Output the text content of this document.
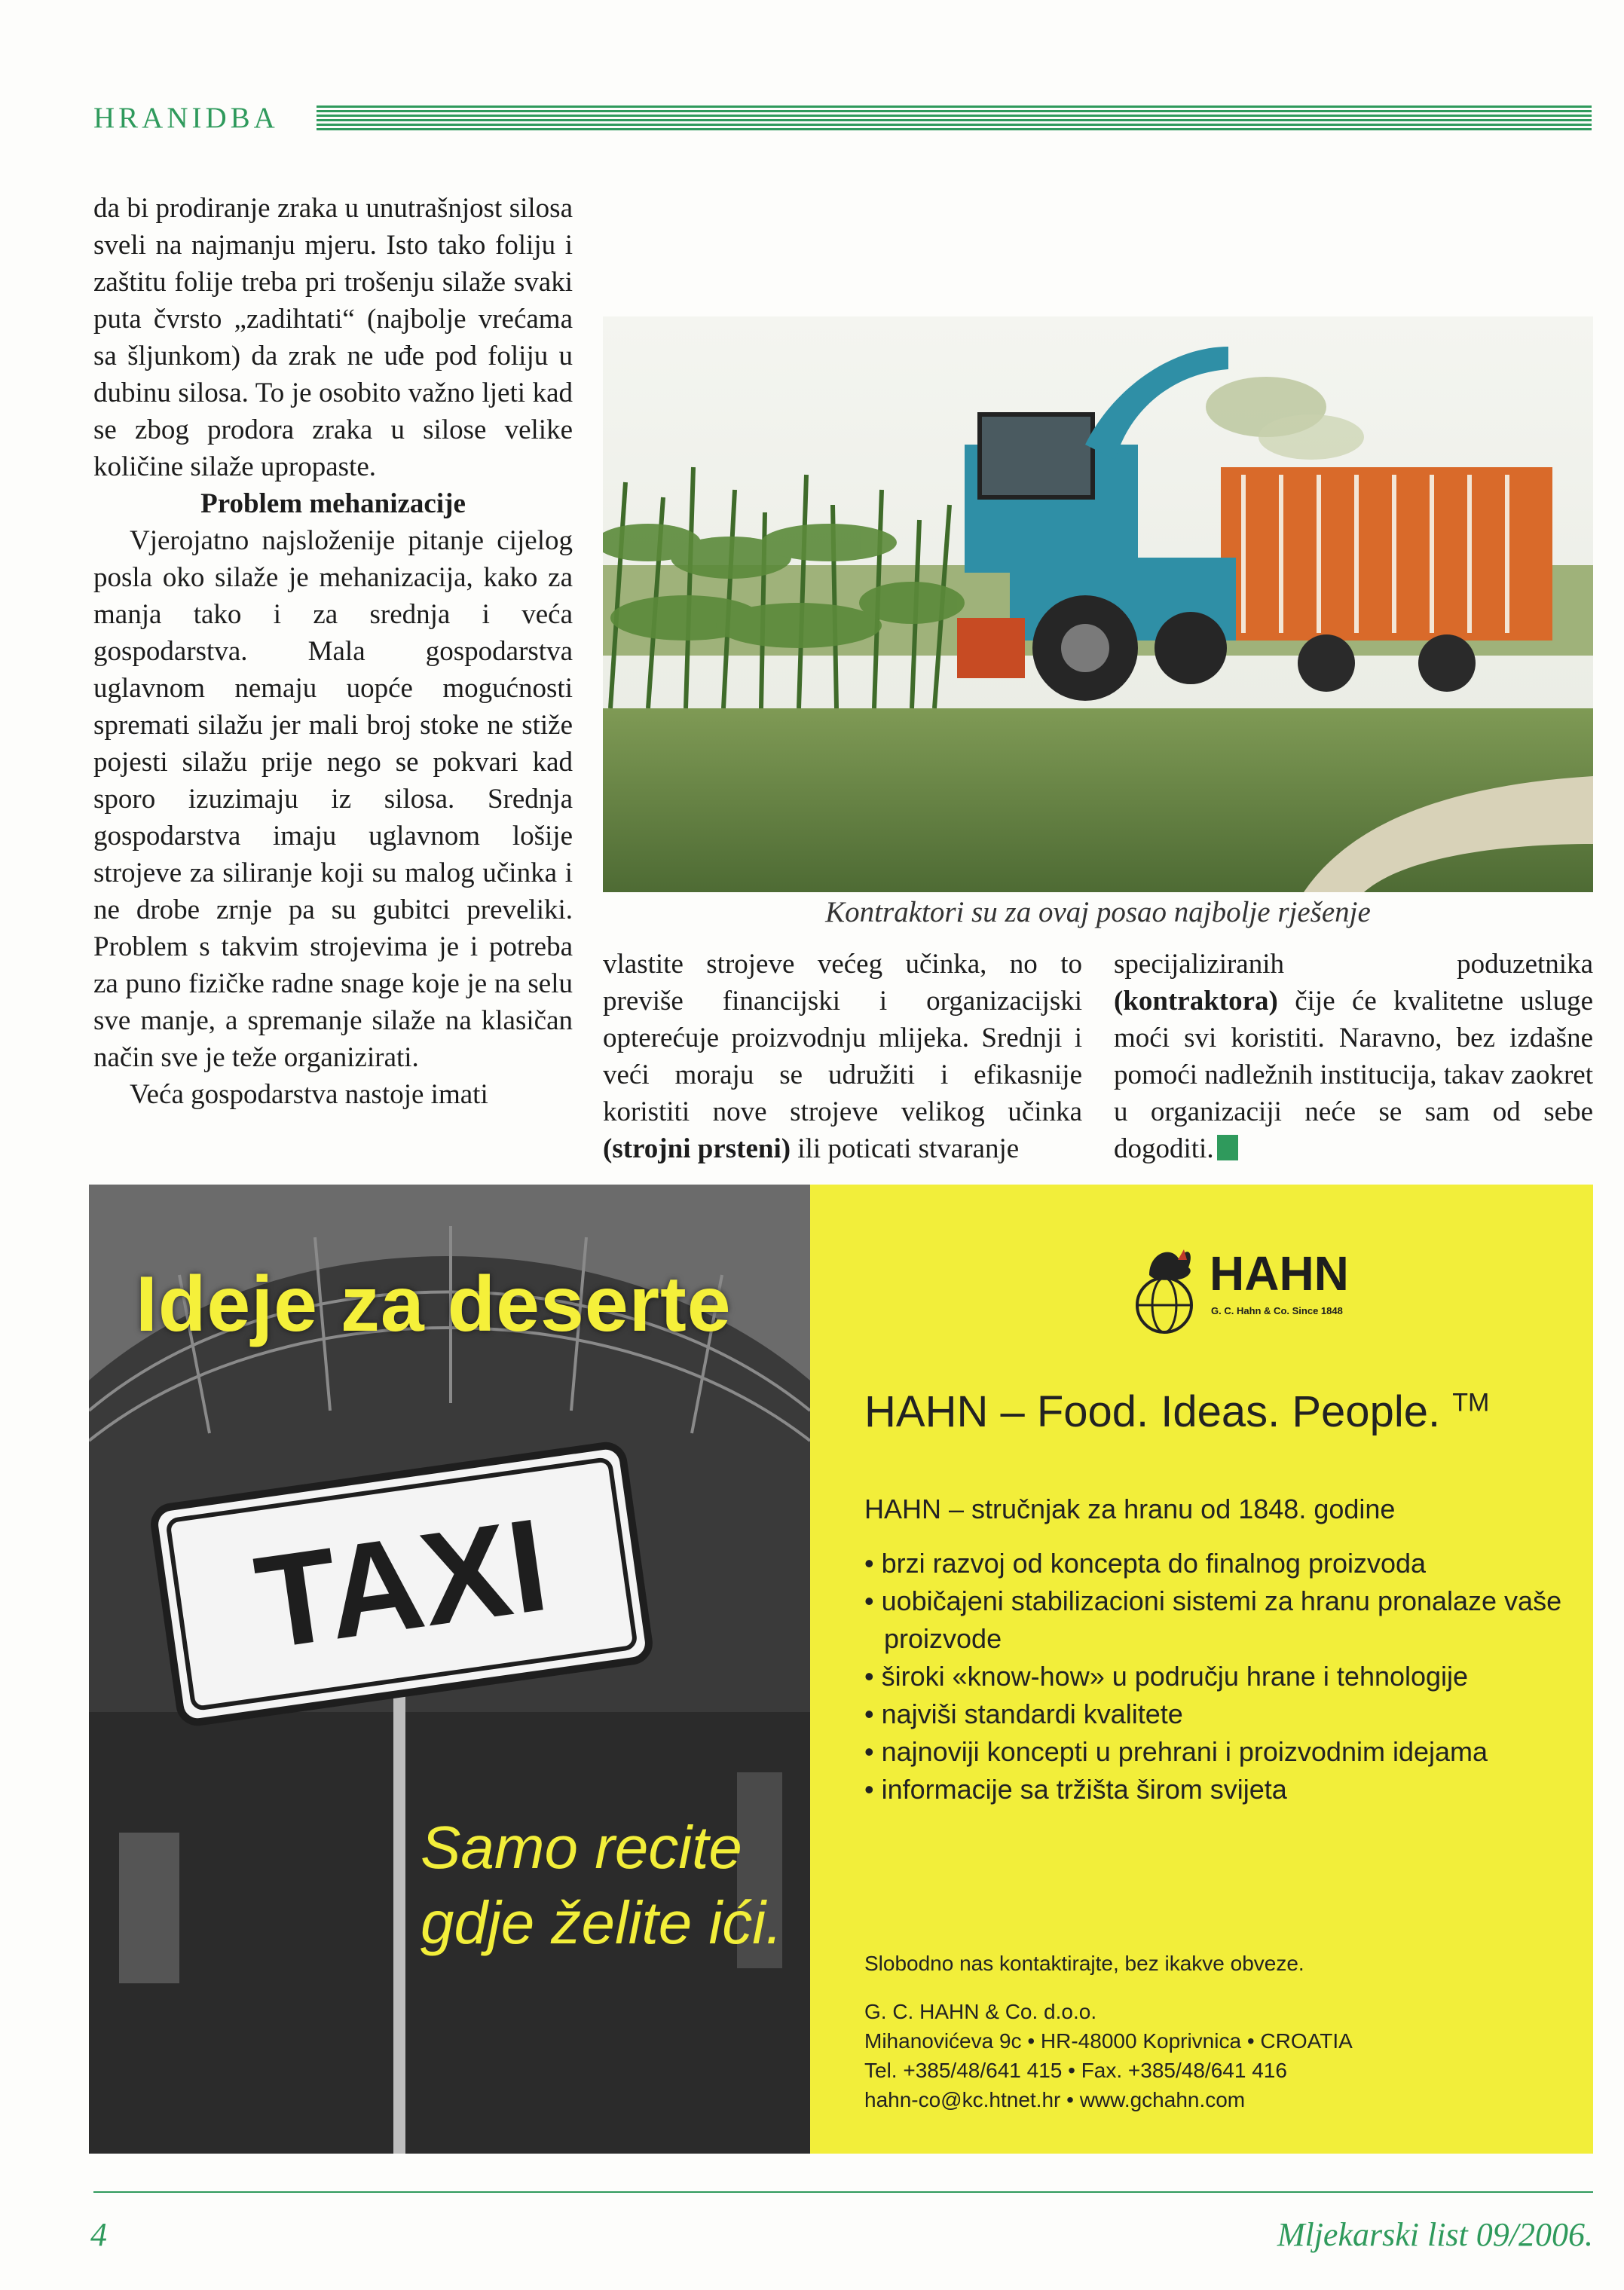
HRANIDBA

da bi prodiranje zraka u unutrašnjost silosa sveli na najmanju mjeru. Isto tako foliju i zaštitu folije treba pri trošenju silaže svaki puta čvrsto „zadihtati“ (najbolje vrećama sa šljunkom) da zrak ne uđe pod foliju u dubinu silosa. To je osobito važno ljeti kad se zbog prodora zraka u silose velike količine silaže upropaste.

Problem mehanizacije

Vjerojatno najsloženije pitanje cijelog posla oko silaže je mehanizacija, kako za manja tako i za srednja i veća gospodarstva. Mala gospodarstva uglavnom nemaju uopće mogućnosti spremati silažu jer mali broj stoke ne stiže pojesti silažu prije nego se pokvari kad sporo izuzimaju iz silosa. Srednja gospodarstva imaju uglavnom lošije strojeve za siliranje koji su malog učinka i ne drobe zrnje pa su gubitci preveliki. Problem s takvim strojevima je i potreba za puno fizičke radne snage koje je na selu sve manje, a spremanje silaže na klasičan način sve je teže organizirati.

Veća gospodarstva nastoje imati

Kontraktori su za ovaj posao najbolje rješenje

vlastite strojeve većeg učinka, no to previše financijski i organizacijski opterećuje proizvodnju mlijeka. Srednji i veći moraju se udružiti i efikasnije koristiti nove strojeve velikog učinka (strojni prsteni) ili poticati stvaranje

specijaliziranih poduzetnika (kontraktora) čije će kvalitetne usluge moći svi koristiti. Naravno, bez izdašne pomoći nadležnih institucija, takav zaokret u organizaciji neće se sam od sebe dogoditi.

Ideje za deserte
TAXI
Samo recite
gdje želite ići.
HAHN
G. C. Hahn & Co. Since 1848
HAHN – Food. Ideas. People. ™
HAHN – stručnjak za hranu od 1848. godine
• brzi razvoj od koncepta do finalnog proizvoda
• uobičajeni stabilizacioni sistemi za hranu pronalaze vaše proizvode
• široki «know-how» u području hrane i tehnologije
• najviši standardi kvalitete
• najnoviji koncepti u prehrani i proizvodnim idejama
• informacije sa tržišta širom svijeta
Slobodno nas kontaktirajte, bez ikakve obveze.
G. C. HAHN & Co. d.o.o.
Mihanovićeva 9c • HR-48000 Koprivnica • CROATIA
Tel. +385/48/641 415 • Fax. +385/48/641 416
hahn-co@kc.htnet.hr • www.gchahn.com
4	Mljekarski list 09/2006.
